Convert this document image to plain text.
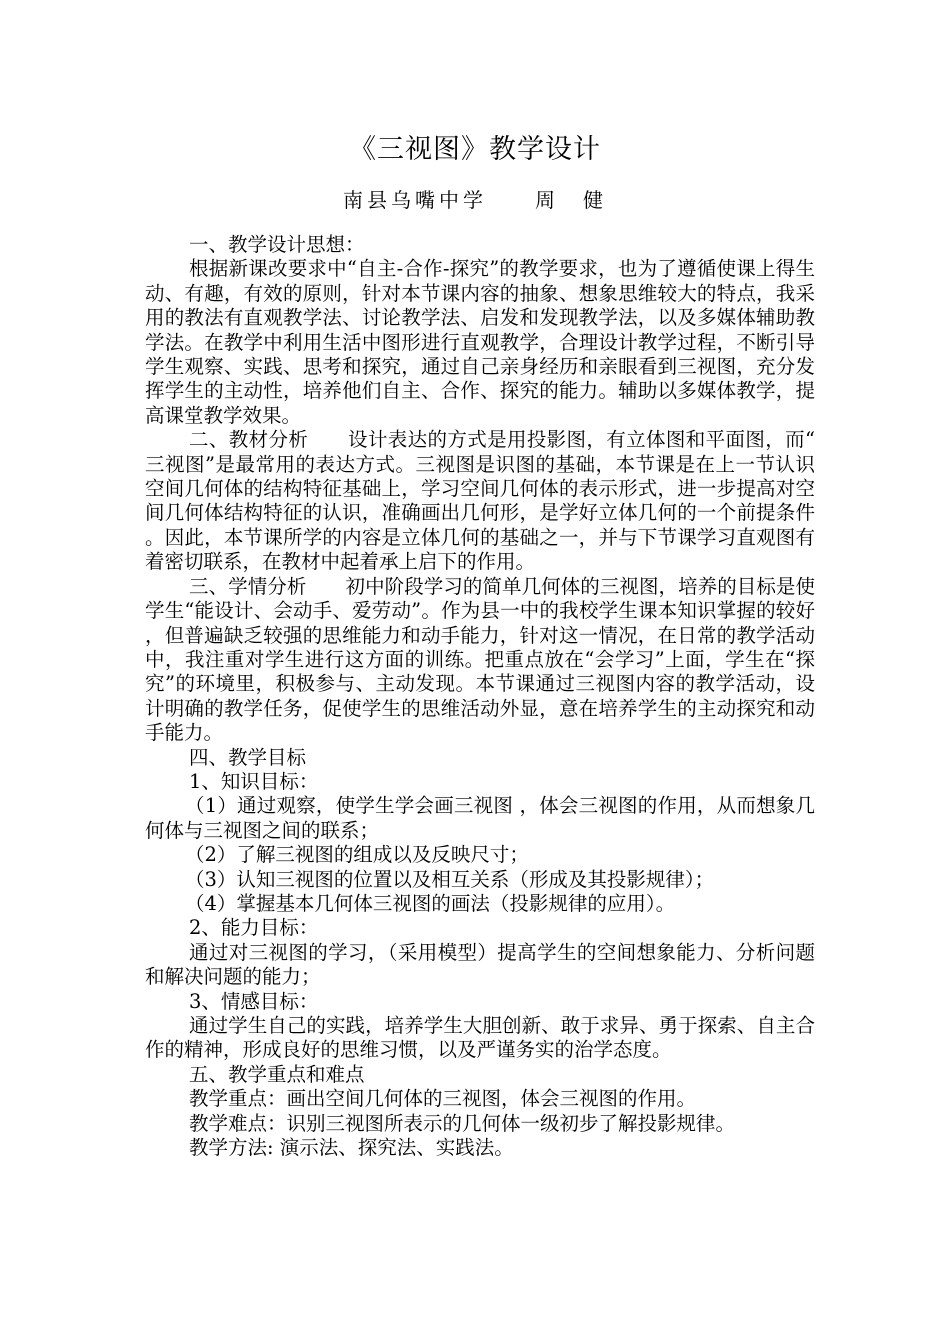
《三视图》教学设计
南县乌嘴中学　　周　健

一、教学设计思想：

根据新课改要求中“自主-合作-探究”的教学要求，也为了遵循使课上得生动、有趣，有效的原则，针对本节课内容的抽象、想象思维较大的特点，我采用的教法有直观教学法、讨论教学法、启发和发现教学法，以及多媒体辅助教学法。在教学中利用生活中图形进行直观教学，合理设计教学过程，不断引导学生观察、实践、思考和探究，通过自己亲身经历和亲眼看到三视图，充分发挥学生的主动性，培养他们自主、合作、探究的能力。辅助以多媒体教学，提高课堂教学效果。

二、教材分析　　设计表达的方式是用投影图，有立体图和平面图，而“三视图”是最常用的表达方式。三视图是识图的基础，本节课是在上一节认识空间几何体的结构特征基础上，学习空间几何体的表示形式，进一步提高对空间几何体结构特征的认识，准确画出几何形，是学好立体几何的一个前提条件。因此，本节课所学的内容是立体几何的基础之一，并与下节课学习直观图有着密切联系，在教材中起着承上启下的作用。

三、学情分析　　初中阶段学习的简单几何体的三视图，培养的目标是使学生“能设计、会动手、爱劳动”。作为县一中的我校学生课本知识掌握的较好，但普遍缺乏较强的思维能力和动手能力，针对这一情况，在日常的教学活动中，我注重对学生进行这方面的训练。把重点放在“会学习”上面，学生在“探究”的环境里，积极参与、主动发现。本节课通过三视图内容的教学活动，设计明确的教学任务，促使学生的思维活动外显，意在培养学生的主动探究和动手能力。

四、教学目标

1、知识目标：

（1）通过观察，使学生学会画三视图 ，体会三视图的作用，从而想象几何体与三视图之间的联系；

（2）了解三视图的组成以及反映尺寸；

（3）认知三视图的位置以及相互关系（形成及其投影规律）；

（4）掌握基本几何体三视图的画法（投影规律的应用）。

2、能力目标：

通过对三视图的学习，（采用模型）提高学生的空间想象能力、分析问题和解决问题的能力；

3、情感目标：

通过学生自己的实践，培养学生大胆创新、敢于求异、勇于探索、自主合作的精神，形成良好的思维习惯，以及严谨务实的治学态度。

五、教学重点和难点

教学重点：画出空间几何体的三视图，体会三视图的作用。

教学难点：识别三视图所表示的几何体一级初步了解投影规律。

教学方法: 演示法、探究法、实践法。
